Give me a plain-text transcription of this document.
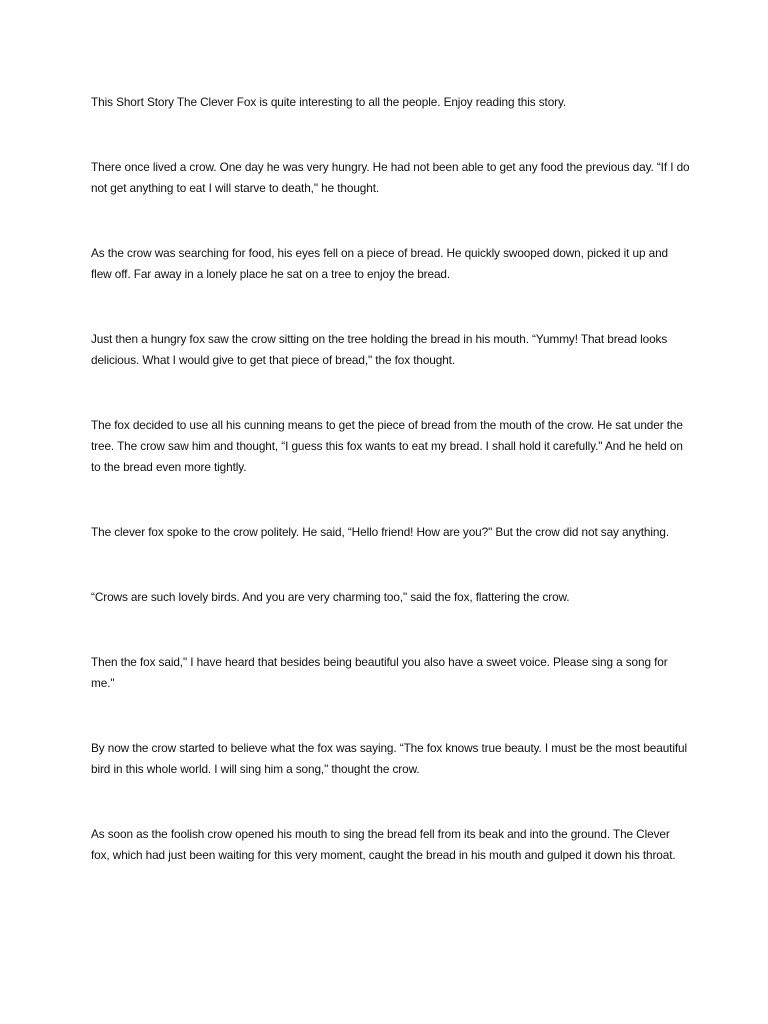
This Short Story The Clever Fox is quite interesting to all the people. Enjoy reading this story.

There once lived a crow. One day he was very hungry. He had not been able to get any food the previous day. “If I do not get anything to eat I will starve to death," he thought.

As the crow was searching for food, his eyes fell on a piece of bread. He quickly swooped down, picked it up and flew off. Far away in a lonely place he sat on a tree to enjoy the bread.

Just then a hungry fox saw the crow sitting on the tree holding the bread in his mouth. “Yummy! That bread looks delicious. What I would give to get that piece of bread," the fox thought.

The fox decided to use all his cunning means to get the piece of bread from the mouth of the crow. He sat under the tree. The crow saw him and thought, “I guess this fox wants to eat my bread. I shall hold it carefully." And he held on to the bread even more tightly.

The clever fox spoke to the crow politely. He said, “Hello friend! How are you?" But the crow did not say anything.

“Crows are such lovely birds. And you are very charming too," said the fox, flattering the crow.

Then the fox said," I have heard that besides being beautiful you also have a sweet voice. Please sing a song for me."

By now the crow started to believe what the fox was saying. “The fox knows true beauty. I must be the most beautiful bird in this whole world. I will sing him a song," thought the crow.

As soon as the foolish crow opened his mouth to sing the bread fell from its beak and into the ground. The Clever fox, which had just been waiting for this very moment, caught the bread in his mouth and gulped it down his throat.
